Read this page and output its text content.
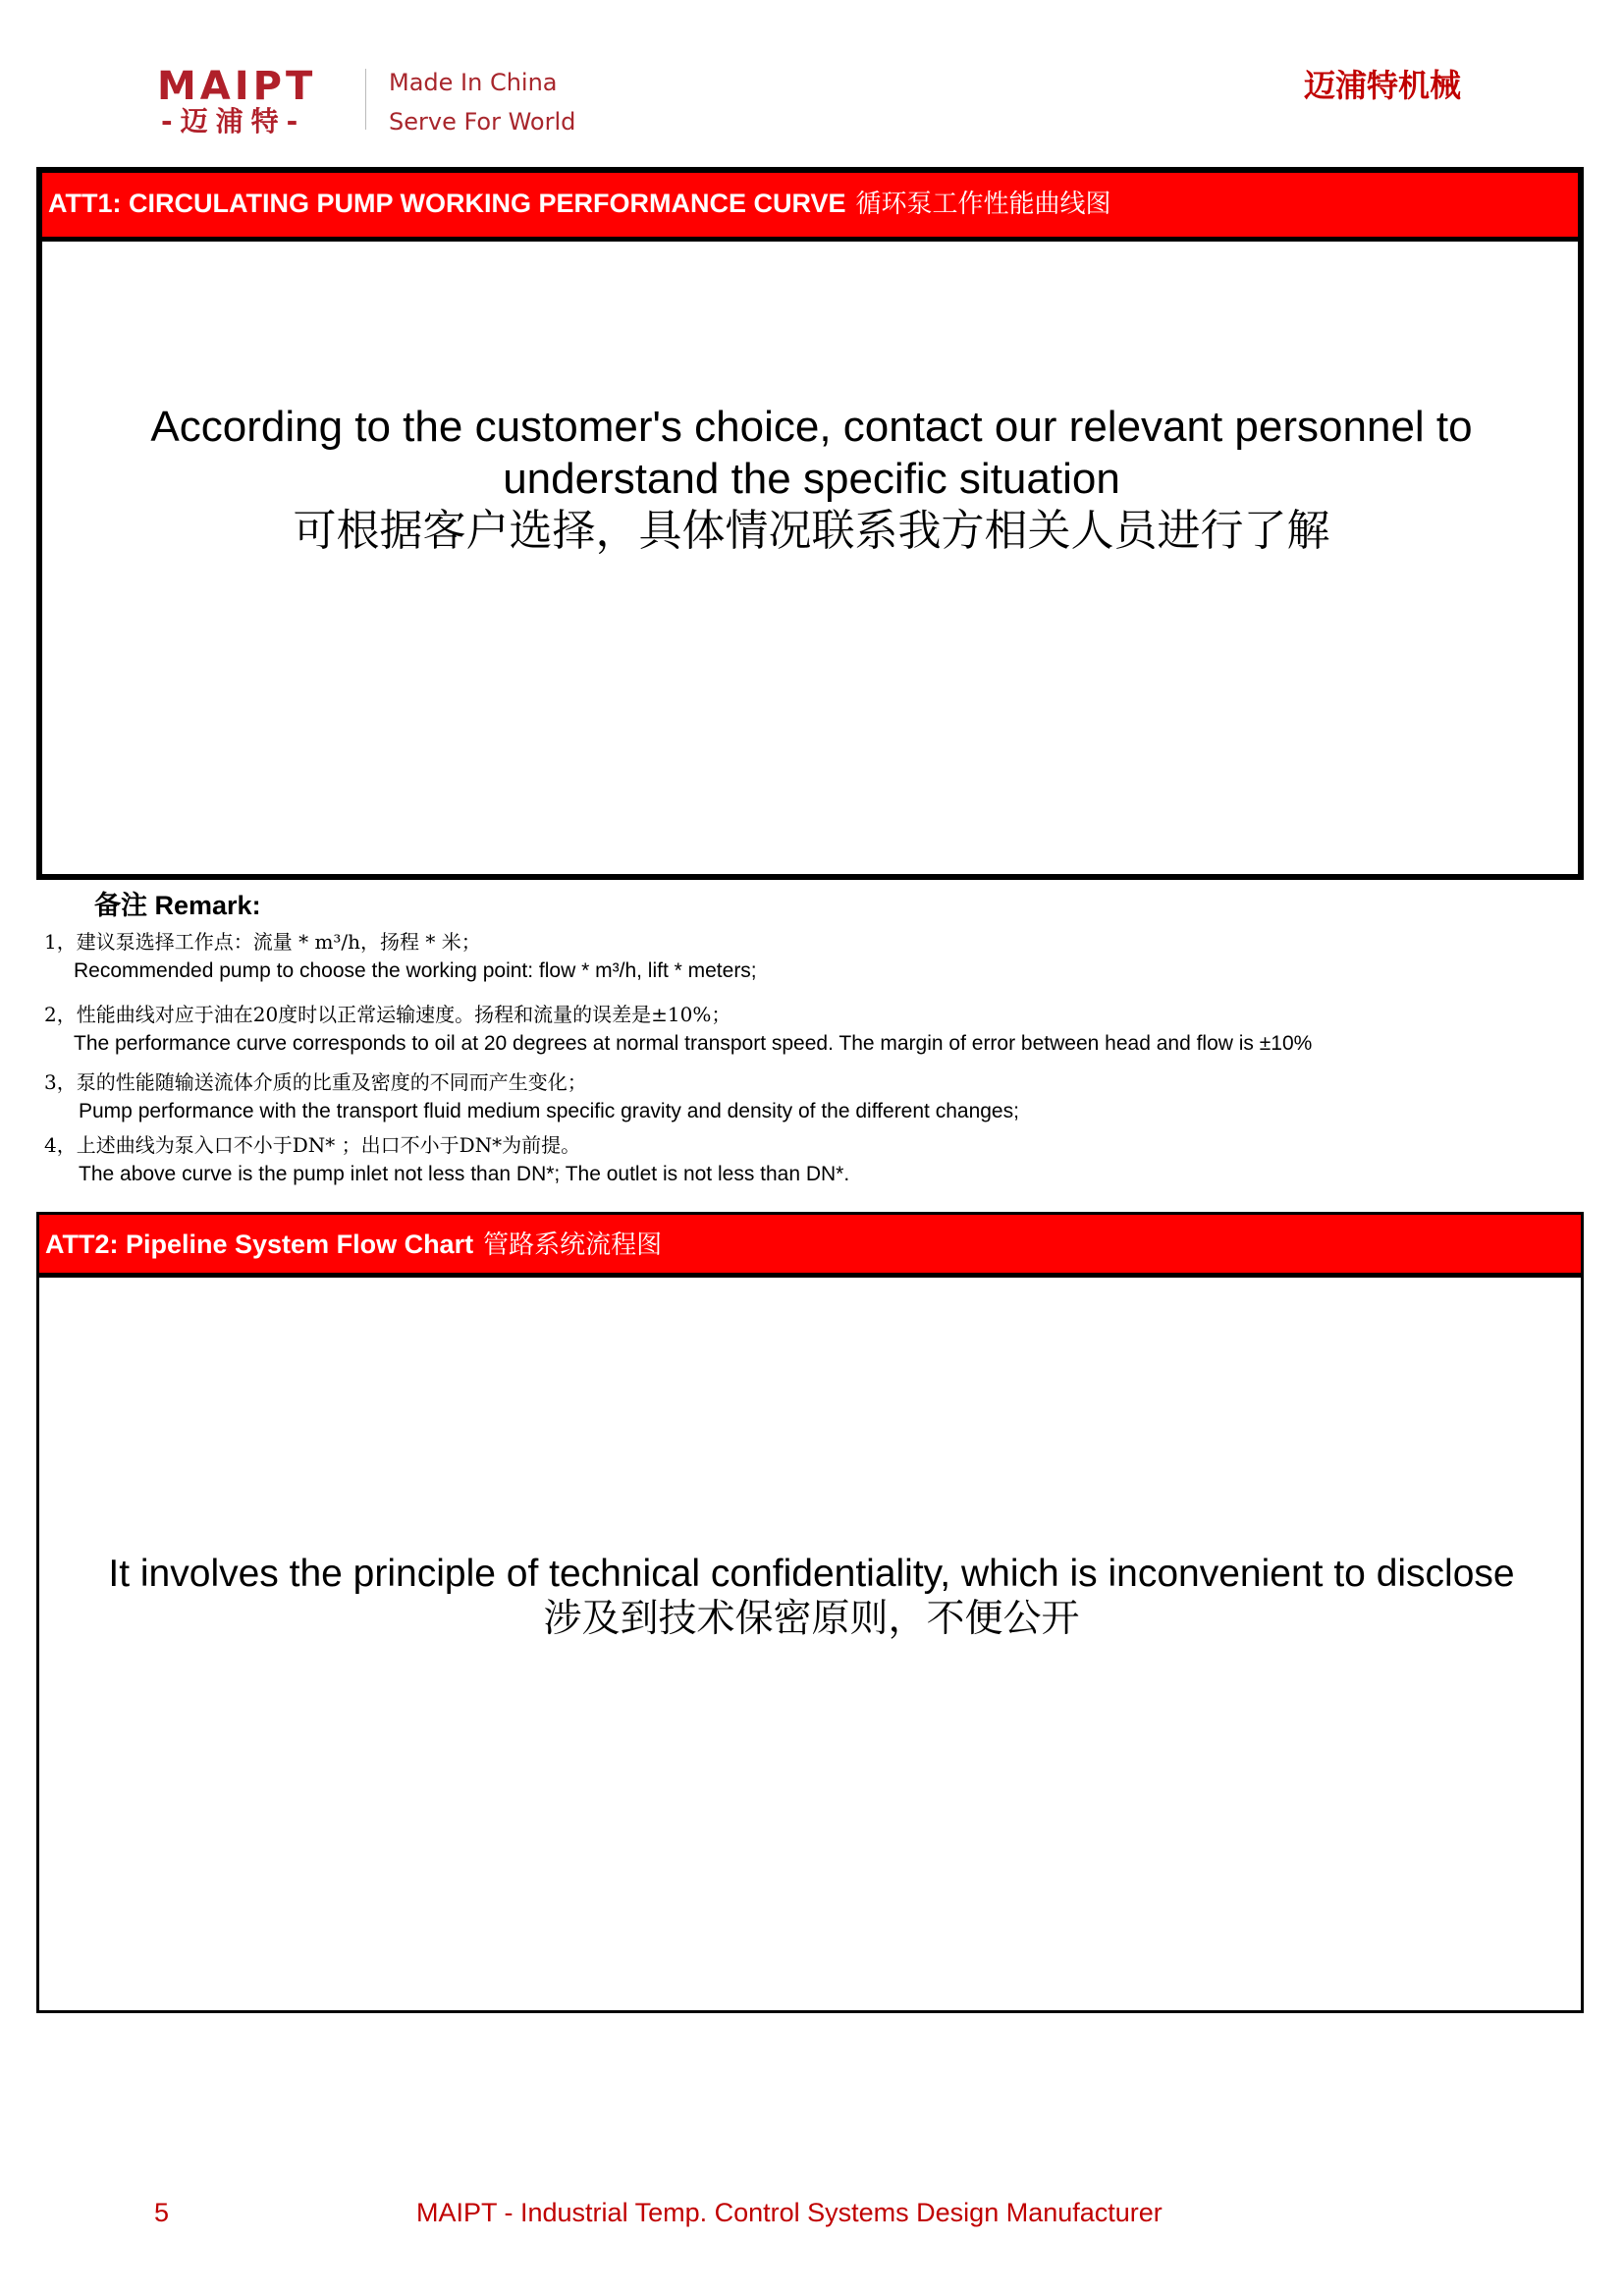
MAIPT
-迈浦特-
Made In China
Serve For World
迈浦特机械
ATT1: CIRCULATING PUMP WORKING PERFORMANCE CURVE 循环泵工作性能曲线图
According to the customer's choice, contact our relevant personnel to
understand the specific situation
可根据客户选择，具体情况联系我方相关人员进行了解
备注 Remark:
1，建议泵选择工作点：流量 * m³/h，扬程 * 米；
Recommended pump to choose the working point: flow * m³/h, lift * meters;
2，性能曲线对应于油在20度时以正常运输速度。扬程和流量的误差是±10%；
The performance curve corresponds to oil at 20 degrees at normal transport speed. The margin of error between head and flow is ±10%
3，泵的性能随输送流体介质的比重及密度的不同而产生变化；
Pump performance with the transport fluid medium specific gravity and density of the different changes;
4，上述曲线为泵入口不小于DN* ；出口不小于DN*为前提。
The above curve is the pump inlet not less than DN*; The outlet is not less than DN*.
ATT2: Pipeline System Flow Chart 管路系统流程图
It involves the principle of technical confidentiality, which is inconvenient to disclose
涉及到技术保密原则，不便公开
5	MAIPT - Industrial Temp. Control Systems Design Manufacturer
